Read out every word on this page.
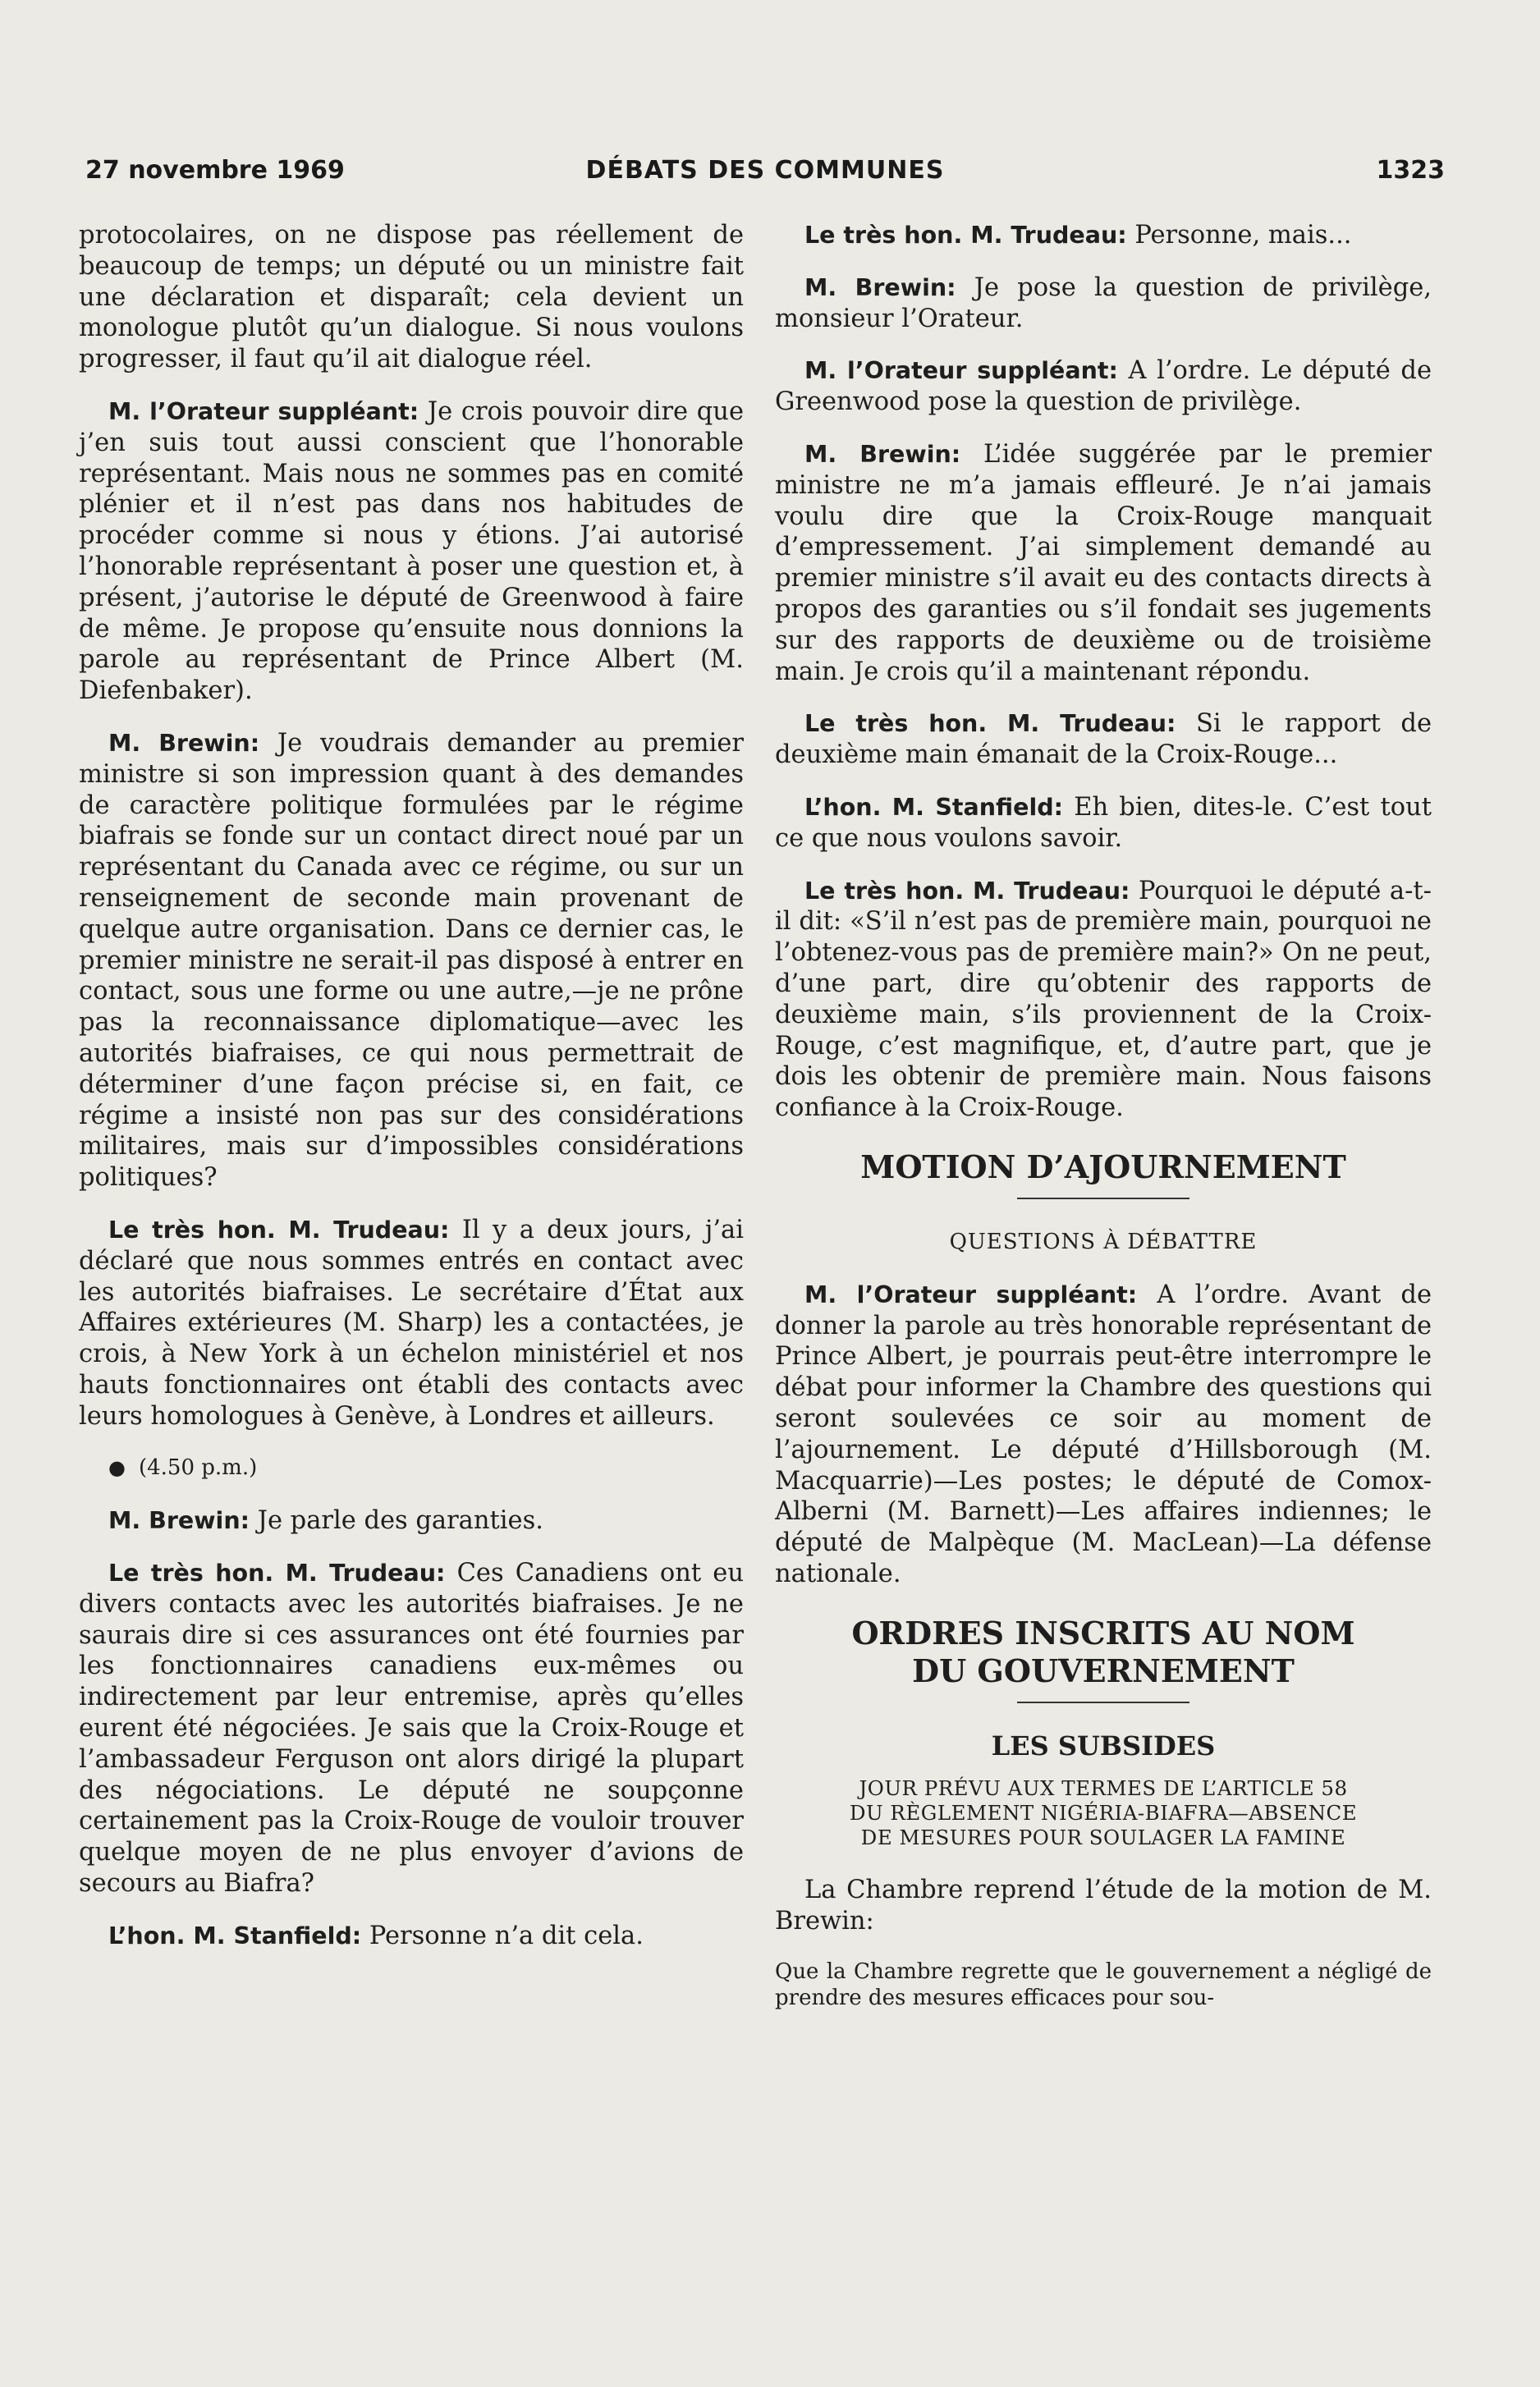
27 novembre 1969	DÉBATS DES COMMUNES	1323

protocolaires, on ne dispose pas réellement de beaucoup de temps; un député ou un ministre fait une déclaration et disparaît; cela devient un monologue plutôt qu’un dialogue. Si nous voulons progresser, il faut qu’il ait dialogue réel.

M. l’Orateur suppléant: Je crois pouvoir dire que j’en suis tout aussi conscient que l’honorable représentant. Mais nous ne sommes pas en comité plénier et il n’est pas dans nos habitudes de procéder comme si nous y étions. J’ai autorisé l’honorable représentant à poser une question et, à présent, j’autorise le député de Greenwood à faire de même. Je propose qu’ensuite nous donnions la parole au représentant de Prince Albert (M. Diefenbaker).

M. Brewin: Je voudrais demander au premier ministre si son impression quant à des demandes de caractère politique formulées par le régime biafrais se fonde sur un contact direct noué par un représentant du Canada avec ce régime, ou sur un renseignement de seconde main provenant de quelque autre organisation. Dans ce dernier cas, le premier ministre ne serait-il pas disposé à entrer en contact, sous une forme ou une autre,—je ne prône pas la reconnaissance diplomatique—avec les autorités biafraises, ce qui nous permettrait de déterminer d’une façon précise si, en fait, ce régime a insisté non pas sur des considérations militaires, mais sur d’impossibles considérations politiques?

Le très hon. M. Trudeau: Il y a deux jours, j’ai déclaré que nous sommes entrés en contact avec les autorités biafraises. Le secrétaire d’État aux Affaires extérieures (M. Sharp) les a contactées, je crois, à New York à un échelon ministériel et nos hauts fonctionnaires ont établi des contacts avec leurs homologues à Genève, à Londres et ailleurs.

● (4.50 p.m.)

M. Brewin: Je parle des garanties.

Le très hon. M. Trudeau: Ces Canadiens ont eu divers contacts avec les autorités biafraises. Je ne saurais dire si ces assurances ont été fournies par les fonctionnaires canadiens eux-mêmes ou indirectement par leur entremise, après qu’elles eurent été négociées. Je sais que la Croix-Rouge et l’ambassadeur Ferguson ont alors dirigé la plupart des négociations. Le député ne soupçonne certainement pas la Croix-Rouge de vouloir trouver quelque moyen de ne plus envoyer d’avions de secours au Biafra?

L’hon. M. Stanfield: Personne n’a dit cela.

Le très hon. M. Trudeau: Personne, mais...

M. Brewin: Je pose la question de privilège, monsieur l’Orateur.

M. l’Orateur suppléant: A l’ordre. Le député de Greenwood pose la question de privilège.

M. Brewin: L’idée suggérée par le premier ministre ne m’a jamais effleuré. Je n’ai jamais voulu dire que la Croix-Rouge manquait d’empressement. J’ai simplement demandé au premier ministre s’il avait eu des contacts directs à propos des garanties ou s’il fondait ses jugements sur des rapports de deuxième ou de troisième main. Je crois qu’il a maintenant répondu.

Le très hon. M. Trudeau: Si le rapport de deuxième main émanait de la Croix-Rouge...

L’hon. M. Stanfield: Eh bien, dites-le. C’est tout ce que nous voulons savoir.

Le très hon. M. Trudeau: Pourquoi le député a-t-il dit: «S’il n’est pas de première main, pourquoi ne l’obtenez-vous pas de première main?» On ne peut, d’une part, dire qu’obtenir des rapports de deuxième main, s’ils proviennent de la Croix-Rouge, c’est magnifique, et, d’autre part, que je dois les obtenir de première main. Nous faisons confiance à la Croix-Rouge.

MOTION D’AJOURNEMENT
QUESTIONS À DÉBATTRE

M. l’Orateur suppléant: A l’ordre. Avant de donner la parole au très honorable représentant de Prince Albert, je pourrais peut-être interrompre le débat pour informer la Chambre des questions qui seront soulevées ce soir au moment de l’ajournement. Le député d’Hillsborough (M. Macquarrie)—Les postes; le député de Comox-Alberni (M. Barnett)—Les affaires indiennes; le député de Malpèque (M. MacLean)—La défense nationale.

ORDRES INSCRITS AU NOM
DU GOUVERNEMENT
LES SUBSIDES
JOUR PRÉVU AUX TERMES DE L’ARTICLE 58
DU RÈGLEMENT NIGÉRIA-BIAFRA—ABSENCE
DE MESURES POUR SOULAGER LA FAMINE

La Chambre reprend l’étude de la motion de M. Brewin:

Que la Chambre regrette que le gouvernement a négligé de prendre des mesures efficaces pour sou-
